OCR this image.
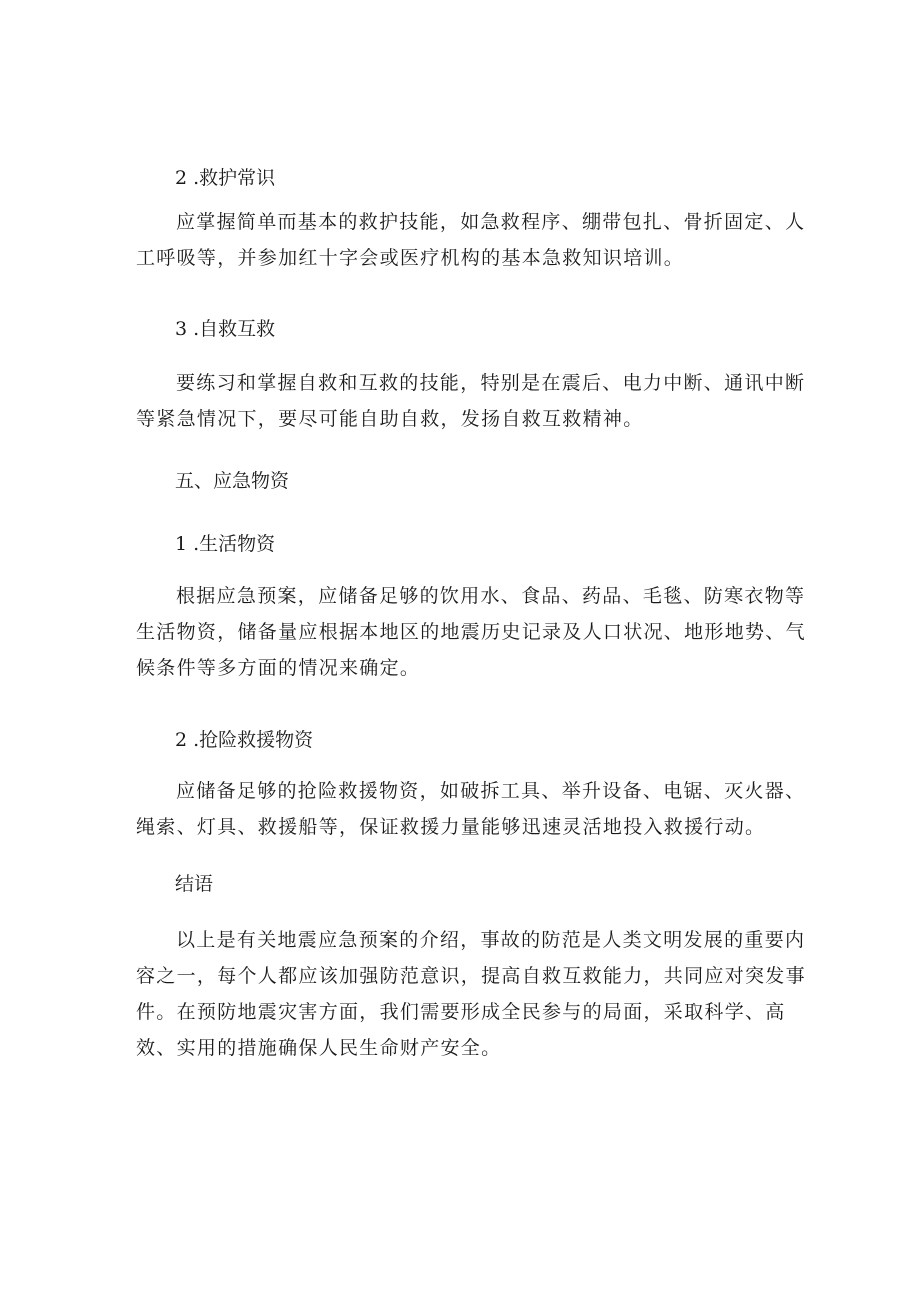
2 .救护常识
应掌握简单而基本的救护技能，如急救程序、绷带包扎、骨折固定、人工呼吸等，并参加红十字会或医疗机构的基本急救知识培训。
3 .自救互救
要练习和掌握自救和互救的技能，特别是在震后、电力中断、通讯中断等紧急情况下，要尽可能自助自救，发扬自救互救精神。
五、应急物资
1 .生活物资
根据应急预案，应储备足够的饮用水、食品、药品、毛毯、防寒衣物等生活物资，储备量应根据本地区的地震历史记录及人口状况、地形地势、气候条件等多方面的情况来确定。
2 .抢险救援物资
应储备足够的抢险救援物资，如破拆工具、举升设备、电锯、灭火器、绳索、灯具、救援船等，保证救援力量能够迅速灵活地投入救援行动。
结语
以上是有关地震应急预案的介绍，事故的防范是人类文明发展的重要内容之一，每个人都应该加强防范意识，提高自救互救能力，共同应对突发事件。在预防地震灾害方面，我们需要形成全民参与的局面，采取科学、高效、实用的措施确保人民生命财产安全。
